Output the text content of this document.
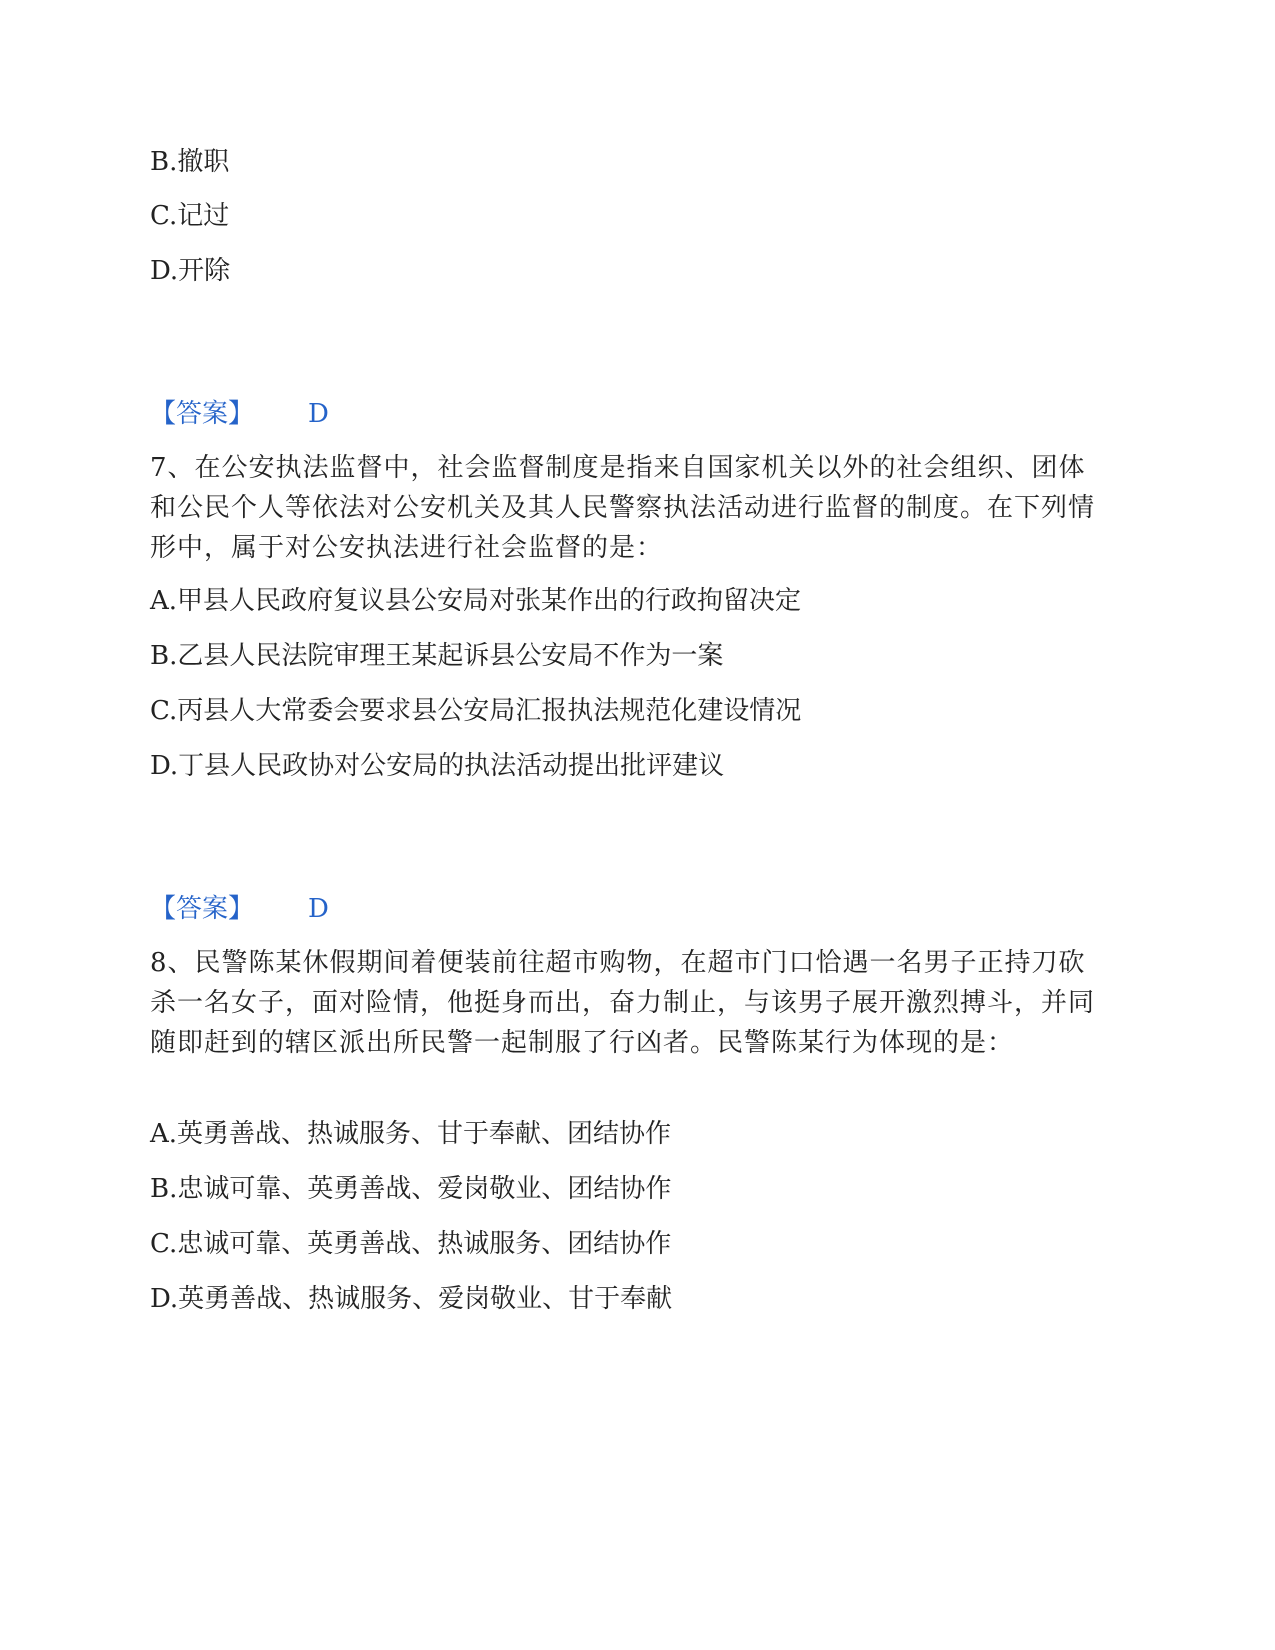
B.撤职
C.记过
D.开除
【答案】 D
7、在公安执法监督中，社会监督制度是指来自国家机关以外的社会组织、团体和公民个人等依法对公安机关及其人民警察执法活动进行监督的制度。在下列情形中，属于对公安执法进行社会监督的是：
A.甲县人民政府复议县公安局对张某作出的行政拘留决定
B.乙县人民法院审理王某起诉县公安局不作为一案
C.丙县人大常委会要求县公安局汇报执法规范化建设情况
D.丁县人民政协对公安局的执法活动提出批评建议
【答案】 D
8、民警陈某休假期间着便装前往超市购物，在超市门口恰遇一名男子正持刀砍杀一名女子，面对险情，他挺身而出，奋力制止，与该男子展开激烈搏斗，并同随即赶到的辖区派出所民警一起制服了行凶者。民警陈某行为体现的是：
A.英勇善战、热诚服务、甘于奉献、团结协作
B.忠诚可靠、英勇善战、爱岗敬业、团结协作
C.忠诚可靠、英勇善战、热诚服务、团结协作
D.英勇善战、热诚服务、爱岗敬业、甘于奉献
